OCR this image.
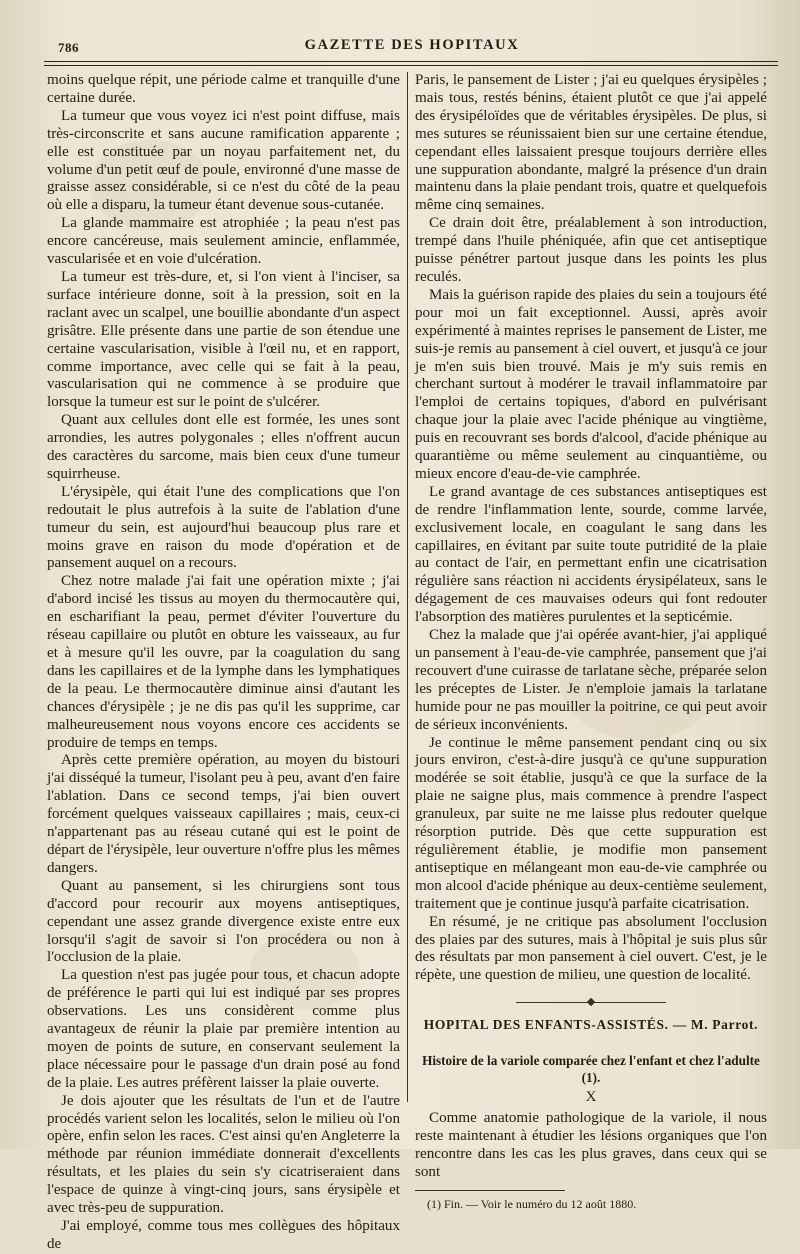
786	GAZETTE DES HOPITAUX

moins quelque répit, une période calme et tranquille d'une certaine durée.

La tumeur que vous voyez ici n'est point diffuse, mais très-circonscrite et sans aucune ramification apparente ; elle est constituée par un noyau parfaitement net, du volume d'un petit œuf de poule, environné d'une masse de graisse assez considérable, si ce n'est du côté de la peau où elle a disparu, la tumeur étant devenue sous-cutanée.

La glande mammaire est atrophiée ; la peau n'est pas encore cancéreuse, mais seulement amincie, enflammée, vascularisée et en voie d'ulcération.

La tumeur est très-dure, et, si l'on vient à l'inciser, sa surface intérieure donne, soit à la pression, soit en la raclant avec un scalpel, une bouillie abondante d'un aspect grisâtre. Elle présente dans une partie de son étendue une certaine vascularisation, visible à l'œil nu, et en rapport, comme importance, avec celle qui se fait à la peau, vascularisation qui ne commence à se produire que lorsque la tumeur est sur le point de s'ulcérer.

Quant aux cellules dont elle est formée, les unes sont arrondies, les autres polygonales ; elles n'offrent aucun des caractères du sarcome, mais bien ceux d'une tumeur squirrheuse.

L'érysipèle, qui était l'une des complications que l'on redoutait le plus autrefois à la suite de l'ablation d'une tumeur du sein, est aujourd'hui beaucoup plus rare et moins grave en raison du mode d'opération et de pansement auquel on a recours.

Chez notre malade j'ai fait une opération mixte ; j'ai d'abord incisé les tissus au moyen du thermocautère qui, en escharifiant la peau, permet d'éviter l'ouverture du réseau capillaire ou plutôt en obture les vaisseaux, au fur et à mesure qu'il les ouvre, par la coagulation du sang dans les capillaires et de la lymphe dans les lymphatiques de la peau. Le thermocautère diminue ainsi d'autant les chances d'érysipèle ; je ne dis pas qu'il les supprime, car malheureusement nous voyons encore ces accidents se produire de temps en temps.

Après cette première opération, au moyen du bistouri j'ai disséqué la tumeur, l'isolant peu à peu, avant d'en faire l'ablation. Dans ce second temps, j'ai bien ouvert forcément quelques vaisseaux capillaires ; mais, ceux-ci n'appartenant pas au réseau cutané qui est le point de départ de l'érysipèle, leur ouverture n'offre plus les mêmes dangers.

Quant au pansement, si les chirurgiens sont tous d'accord pour recourir aux moyens antiseptiques, cependant une assez grande divergence existe entre eux lorsqu'il s'agit de savoir si l'on procédera ou non à l'occlusion de la plaie.

La question n'est pas jugée pour tous, et chacun adopte de préférence le parti qui lui est indiqué par ses propres observations. Les uns considèrent comme plus avantageux de réunir la plaie par première intention au moyen de points de suture, en conservant seulement la place nécessaire pour le passage d'un drain posé au fond de la plaie. Les autres préfèrent laisser la plaie ouverte.

Je dois ajouter que les résultats de l'un et de l'autre procédés varient selon les localités, selon le milieu où l'on opère, enfin selon les races. C'est ainsi qu'en Angleterre la méthode par réunion immédiate donnerait d'excellents résultats, et les plaies du sein s'y cicatriseraient dans l'espace de quinze à vingt-cinq jours, sans érysipèle et avec très-peu de suppuration.

J'ai employé, comme tous mes collègues des hôpitaux de

Paris, le pansement de Lister ; j'ai eu quelques érysipèles ; mais tous, restés bénins, étaient plutôt ce que j'ai appelé des érysipéloïdes que de véritables érysipèles. De plus, si mes sutures se réunissaient bien sur une certaine étendue, cependant elles laissaient presque toujours derrière elles une suppuration abondante, malgré la présence d'un drain maintenu dans la plaie pendant trois, quatre et quelquefois même cinq semaines.

Ce drain doit être, préalablement à son introduction, trempé dans l'huile phéniquée, afin que cet antiseptique puisse pénétrer partout jusque dans les points les plus reculés.

Mais la guérison rapide des plaies du sein a toujours été pour moi un fait exceptionnel. Aussi, après avoir expérimenté à maintes reprises le pansement de Lister, me suis-je remis au pansement à ciel ouvert, et jusqu'à ce jour je m'en suis bien trouvé. Mais je m'y suis remis en cherchant surtout à modérer le travail inflammatoire par l'emploi de certains topiques, d'abord en pulvérisant chaque jour la plaie avec l'acide phénique au vingtième, puis en recouvrant ses bords d'alcool, d'acide phénique au quarantième ou même seulement au cinquantième, ou mieux encore d'eau-de-vie camphrée.

Le grand avantage de ces substances antiseptiques est de rendre l'inflammation lente, sourde, comme larvée, exclusivement locale, en coagulant le sang dans les capillaires, en évitant par suite toute putridité de la plaie au contact de l'air, en permettant enfin une cicatrisation régulière sans réaction ni accidents érysipélateux, sans le dégagement de ces mauvaises odeurs qui font redouter l'absorption des matières purulentes et la septicémie.

Chez la malade que j'ai opérée avant-hier, j'ai appliqué un pansement à l'eau-de-vie camphrée, pansement que j'ai recouvert d'une cuirasse de tarlatane sèche, préparée selon les préceptes de Lister. Je n'emploie jamais la tarlatane humide pour ne pas mouiller la poitrine, ce qui peut avoir de sérieux inconvénients.

Je continue le même pansement pendant cinq ou six jours environ, c'est-à-dire jusqu'à ce qu'une suppuration modérée se soit établie, jusqu'à ce que la surface de la plaie ne saigne plus, mais commence à prendre l'aspect granuleux, par suite ne me laisse plus redouter quelque résorption putride. Dès que cette suppuration est régulièrement établie, je modifie mon pansement antiseptique en mélangeant mon eau-de-vie camphrée ou mon alcool d'acide phénique au deux-centième seulement, traitement que je continue jusqu'à parfaite cicatrisation.

En résumé, je ne critique pas absolument l'occlusion des plaies par des sutures, mais à l'hôpital je suis plus sûr des résultats par mon pansement à ciel ouvert. C'est, je le répète, une question de milieu, une question de localité.

HOPITAL DES ENFANTS-ASSISTÉS. — M. Parrot.
Histoire de la variole comparée chez l'enfant et chez l'adulte (1).
X

Comme anatomie pathologique de la variole, il nous reste maintenant à étudier les lésions organiques que l'on rencontre dans les cas les plus graves, dans ceux qui se sont

(1) Fin. — Voir le numéro du 12 août 1880.
